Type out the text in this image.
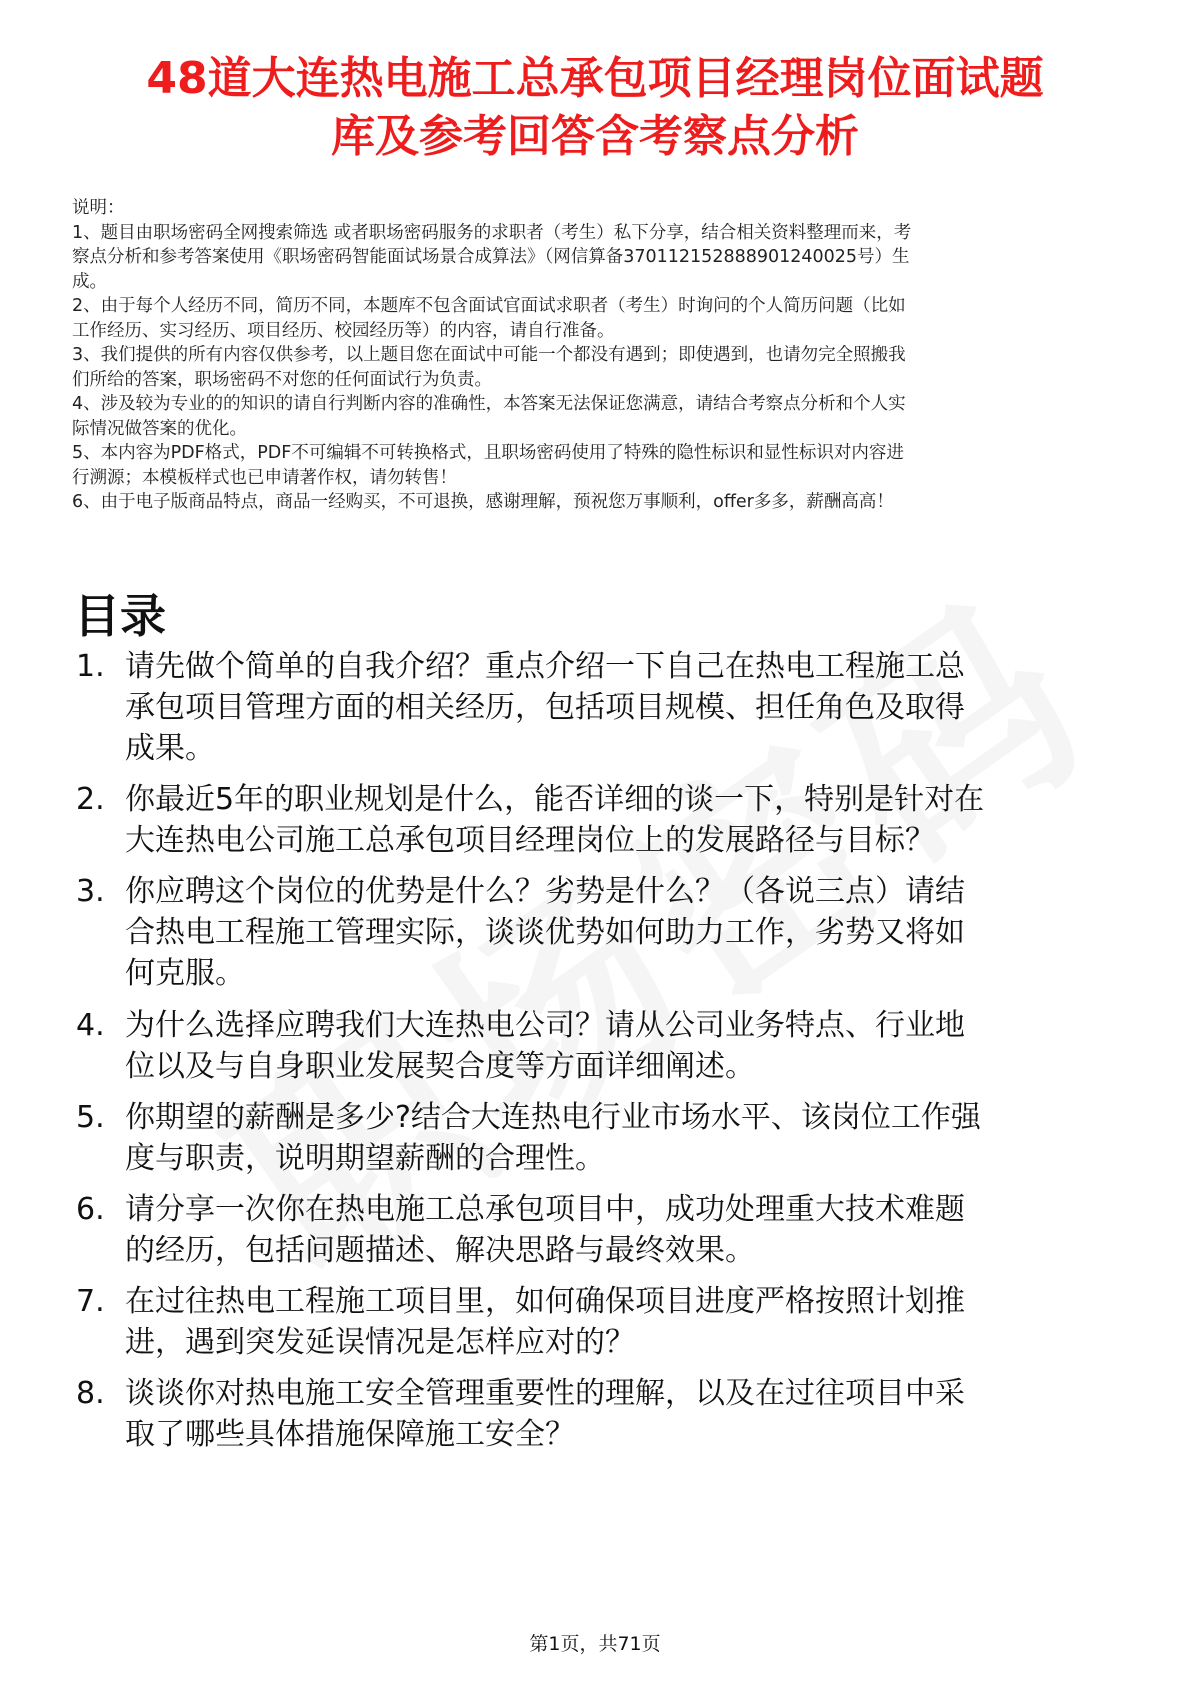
48道大连热电施工总承包项目经理岗位面试题
库及参考回答含考察点分析
说明：
1、题目由职场密码全网搜索筛选 或者职场密码服务的求职者（考生）私下分享，结合相关资料整理而来，考
察点分析和参考答案使用《职场密码智能面试场景合成算法》（网信算备370112152888901240025号）生
成。
2、由于每个人经历不同，简历不同，本题库不包含面试官面试求职者（考生）时询问的个人简历问题（比如
工作经历、实习经历、项目经历、校园经历等）的内容，请自行准备。
3、我们提供的所有内容仅供参考，以上题目您在面试中可能一个都没有遇到；即使遇到，也请勿完全照搬我
们所给的答案，职场密码不对您的任何面试行为负责。
4、涉及较为专业的的知识的请自行判断内容的准确性，本答案无法保证您满意，请结合考察点分析和个人实
际情况做答案的优化。
5、本内容为PDF格式，PDF不可编辑不可转换格式，且职场密码使用了特殊的隐性标识和显性标识对内容进
行溯源；本模板样式也已申请著作权，请勿转售！
6、由于电子版商品特点，商品一经购买，不可退换，感谢理解，预祝您万事顺利，offer多多，薪酬高高！
目录
1. 请先做个简单的自我介绍？重点介绍一下自己在热电工程施工总
承包项目管理方面的相关经历，包括项目规模、担任角色及取得
成果。
2. 你最近5年的职业规划是什么，能否详细的谈一下，特别是针对在
大连热电公司施工总承包项目经理岗位上的发展路径与目标？
3. 你应聘这个岗位的优势是什么？劣势是什么？（各说三点）请结
合热电工程施工管理实际，谈谈优势如何助力工作，劣势又将如
何克服。
4. 为什么选择应聘我们大连热电公司？请从公司业务特点、行业地
位以及与自身职业发展契合度等方面详细阐述。
5. 你期望的薪酬是多少?结合大连热电行业市场水平、该岗位工作强
度与职责，说明期望薪酬的合理性。
6. 请分享一次你在热电施工总承包项目中，成功处理重大技术难题
的经历，包括问题描述、解决思路与最终效果。
7. 在过往热电工程施工项目里，如何确保项目进度严格按照计划推
进，遇到突发延误情况是怎样应对的？
8. 谈谈你对热电施工安全管理重要性的理解，以及在过往项目中采
取了哪些具体措施保障施工安全？
第1页，共71页
